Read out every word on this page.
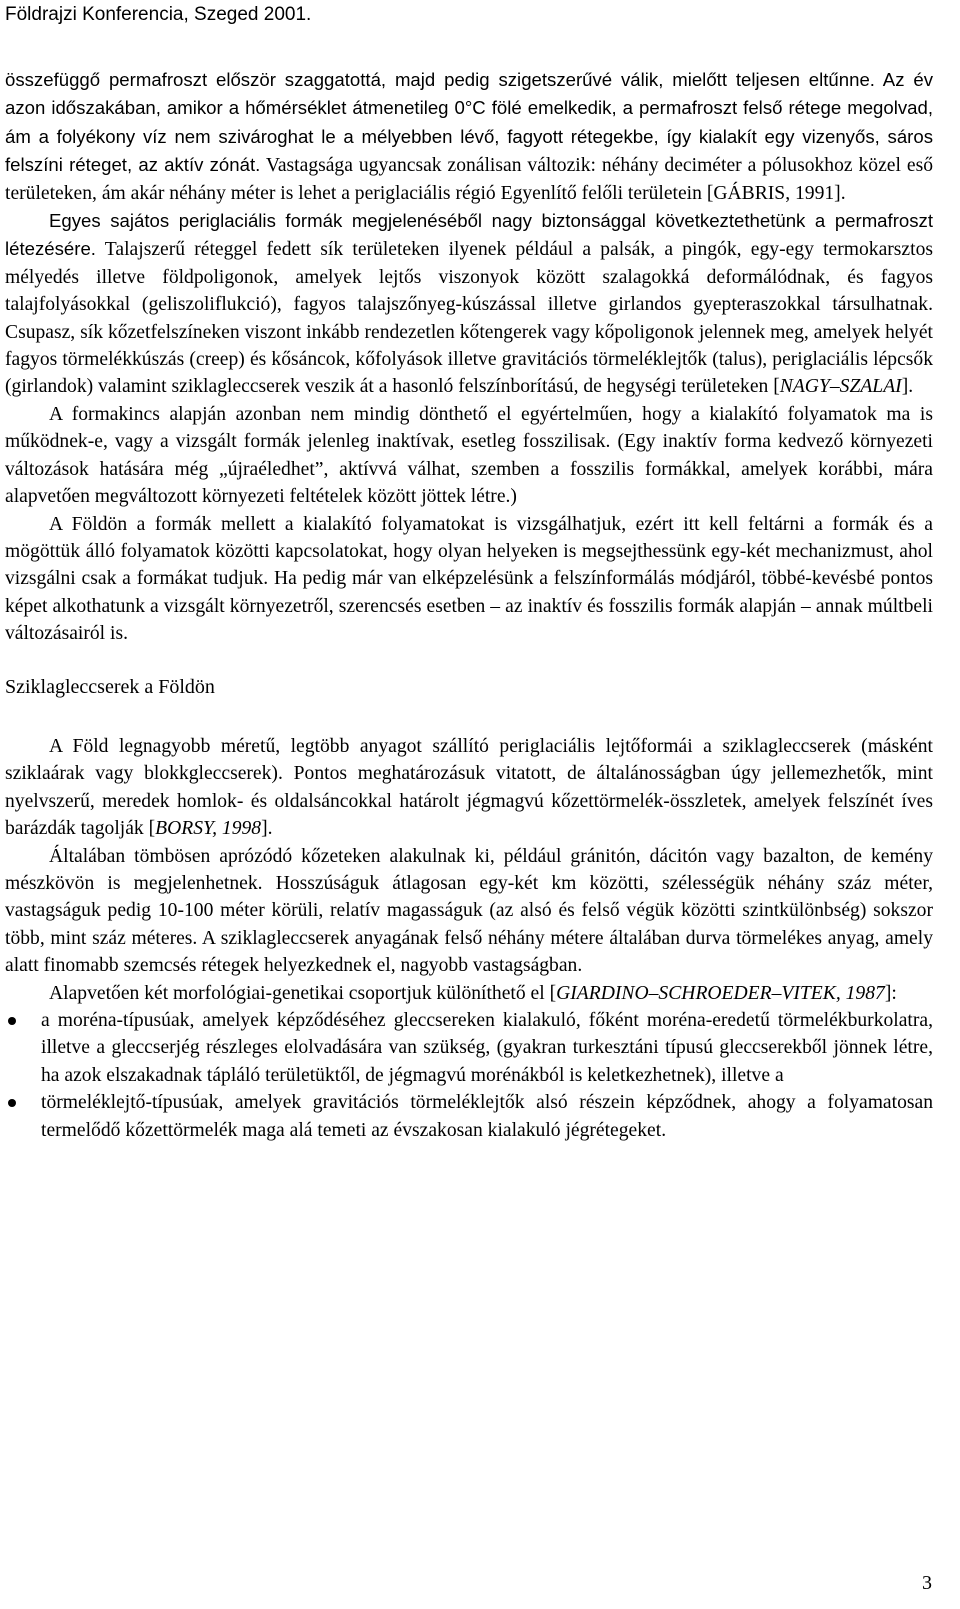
Földrajzi Konferencia, Szeged 2001.

összefüggő permafroszt először szaggatottá, majd pedig szigetszerűvé válik, mielőtt teljesen eltűnne. Az év azon időszakában, amikor a hőmérséklet átmenetileg 0°C fölé emelkedik, a permafroszt felső rétege megolvad, ám a folyékony víz nem szivároghat le a mélyebben lévő, fagyott rétegekbe, így kialakít egy vizenyős, sáros felszíni réteget, az aktív zónát. Vastagsága ugyancsak zonálisan változik: néhány deciméter a pólusokhoz közel eső területeken, ám akár néhány méter is lehet a periglaciális régió Egyenlítő felőli területein [GÁBRIS, 1991].

Egyes sajátos periglaciális formák megjelenéséből nagy biztonsággal következtethetünk a permafroszt létezésére. Talajszerű réteggel fedett sík területeken ilyenek például a palsák, a pingók, egy-egy termokarsztos mélyedés illetve földpoligonok, amelyek lejtős viszonyok között szalagokká deformálódnak, és fagyos talajfolyásokkal (geliszoliflukció), fagyos talajszőnyeg-kúszással illetve girlandos gyepteraszokkal társulhatnak. Csupasz, sík kőzetfelszíneken viszont inkább rendezetlen kőtengerek vagy kőpoligonok jelennek meg, amelyek helyét fagyos törmelékkúszás (creep) és kősáncok, kőfolyások illetve gravitációs törmeléklejtők (talus), periglaciális lépcsők (girlandok) valamint sziklagleccserek veszik át a hasonló felszínborítású, de hegységi területeken [NAGY–SZALAI].

A formakincs alapján azonban nem mindig dönthető el egyértelműen, hogy a kialakító folyamatok ma is működnek-e, vagy a vizsgált formák jelenleg inaktívak, esetleg fosszilisak. (Egy inaktív forma kedvező környezeti változások hatására még „újraéledhet”, aktívvá válhat, szemben a fosszilis formákkal, amelyek korábbi, mára alapvetően megváltozott környezeti feltételek között jöttek létre.)

A Földön a formák mellett a kialakító folyamatokat is vizsgálhatjuk, ezért itt kell feltárni a formák és a mögöttük álló folyamatok közötti kapcsolatokat, hogy olyan helyeken is megsejthessünk egy-két mechanizmust, ahol vizsgálni csak a formákat tudjuk. Ha pedig már van elképzelésünk a felszínformálás módjáról, többé-kevésbé pontos képet alkothatunk a vizsgált környezetről, szerencsés esetben – az inaktív és fosszilis formák alapján – annak múltbeli változásairól is.

Sziklagleccserek a Földön

A Föld legnagyobb méretű, legtöbb anyagot szállító periglaciális lejtőformái a sziklagleccserek (másként sziklaárak vagy blokkgleccserek). Pontos meghatározásuk vitatott, de általánosságban úgy jellemezhetők, mint nyelvszerű, meredek homlok- és oldalsáncokkal határolt jégmagvú kőzettörmelék-összletek, amelyek felszínét íves barázdák tagolják [BORSY, 1998].

Általában tömbösen aprózódó kőzeteken alakulnak ki, például gránitón, dácitón vagy bazalton, de kemény mészkövön is megjelenhetnek. Hosszúságuk átlagosan egy-két km közötti, szélességük néhány száz méter, vastagságuk pedig 10-100 méter körüli, relatív magasságuk (az alsó és felső végük közötti szintkülönbség) sokszor több, mint száz méteres. A sziklagleccserek anyagának felső néhány métere általában durva törmelékes anyag, amely alatt finomabb szemcsés rétegek helyezkednek el, nagyobb vastagságban.

Alapvetően két morfológiai-genetikai csoportjuk különíthető el [GIARDINO–SCHROEDER–VITEK, 1987]:

a moréna-típusúak, amelyek képződéséhez gleccsereken kialakuló, főként moréna-eredetű törmelékburkolatra, illetve a gleccserjég részleges elolvadására van szükség, (gyakran turkesztáni típusú gleccserekből jönnek létre, ha azok elszakadnak tápláló területüktől, de jégmagvú morénákból is keletkezhetnek), illetve a
törmeléklejtő-típusúak, amelyek gravitációs törmeléklejtők alsó részein képződnek, ahogy a folyamatosan termelődő kőzettörmelék maga alá temeti az évszakosan kialakuló jégrétegeket.
3
